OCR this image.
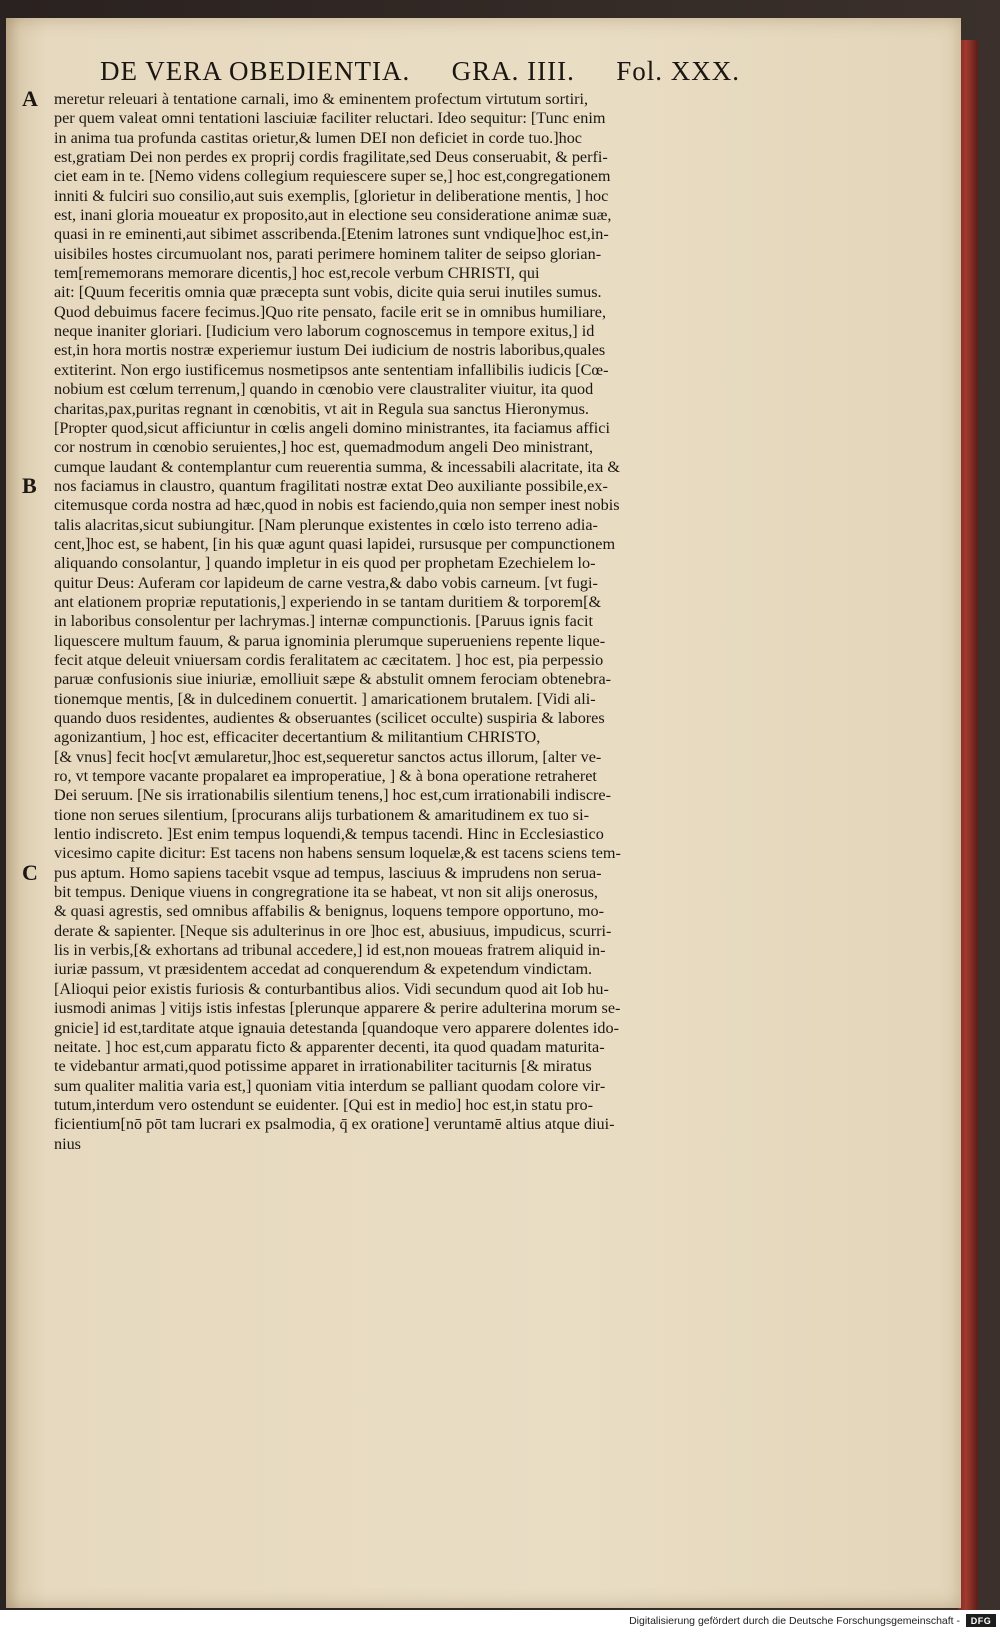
DE VERA OBEDIENTIA. GRA. IIII. Fol. XXX.
A
B
C
meretur releuari à tentatione carnali, imo & eminentem profectum virtutum sortiri,
per quem valeat omni tentationi lasciuiæ faciliter reluctari. Ideo sequitur: [Tunc enim
in anima tua profunda castitas orietur,& lumen DEI non deficiet in corde tuo.]hoc
est,gratiam Dei non perdes ex proprij cordis fragilitate,sed Deus conseruabit, & perfi-
ciet eam in te. [Nemo videns collegium requiescere super se,] hoc est,congregationem
inniti & fulciri suo consilio,aut suis exemplis, [glorietur in deliberatione mentis, ] hoc
est, inani gloria moueatur ex proposito,aut in electione seu consideratione animæ suæ,
quasi in re eminenti,aut sibimet asscribenda.[Etenim latrones sunt vndique]hoc est,in-
uisibiles hostes circumuolant nos, parati perimere hominem taliter de seipso glorian-
tem[rememorans memorare dicentis,] hoc est,recole verbum CHRISTI, qui
ait: [Quum feceritis omnia quæ præcepta sunt vobis, dicite quia serui inutiles sumus.
Quod debuimus facere fecimus.]Quo rite pensato, facile erit se in omnibus humiliare,
neque inaniter gloriari. [Iudicium vero laborum cognoscemus in tempore exitus,] id
est,in hora mortis nostræ experiemur iustum Dei iudicium de nostris laboribus,quales
extiterint. Non ergo iustificemus nosmetipsos ante sententiam infallibilis iudicis [Cœ-
nobium est cœlum terrenum,] quando in cœnobio vere claustraliter viuitur, ita quod
charitas,pax,puritas regnant in cœnobitis, vt ait in Regula sua sanctus Hieronymus.
[Propter quod,sicut afficiuntur in cœlis angeli domino ministrantes, ita faciamus affici
cor nostrum in cœnobio seruientes,] hoc est, quemadmodum angeli Deo ministrant,
cumque laudant & contemplantur cum reuerentia summa, & incessabili alacritate, ita &
nos faciamus in claustro, quantum fragilitati nostræ extat Deo auxiliante possibile,ex-
citemusque corda nostra ad hæc,quod in nobis est faciendo,quia non semper inest nobis
talis alacritas,sicut subiungitur. [Nam plerunque existentes in cœlo isto terreno adia-
cent,]hoc est, se habent, [in his quæ agunt quasi lapidei, rursusque per compunctionem
aliquando consolantur, ] quando impletur in eis quod per prophetam Ezechielem lo-
quitur Deus: Auferam cor lapideum de carne vestra,& dabo vobis carneum. [vt fugi-
ant elationem propriæ reputationis,] experiendo in se tantam duritiem & torporem[&
in laboribus consolentur per lachrymas.] internæ compunctionis. [Paruus ignis facit
liquescere multum fauum, & parua ignominia plerumque superueniens repente lique-
fecit atque deleuit vniuersam cordis feralitatem ac cæcitatem. ] hoc est, pia perpessio
paruæ confusionis siue iniuriæ, emolliuit sæpe & abstulit omnem ferociam obtenebra-
tionemque mentis, [& in dulcedinem conuertit. ] amaricationem brutalem. [Vidi ali-
quando duos residentes, audientes & obseruantes (scilicet occulte) suspiria & labores
agonizantium, ] hoc est, efficaciter decertantium & militantium CHRISTO,
[& vnus] fecit hoc[vt æmularetur,]hoc est,sequeretur sanctos actus illorum, [alter ve-
ro, vt tempore vacante propalaret ea improperatiue, ] & à bona operatione retraheret
Dei seruum. [Ne sis irrationabilis silentium tenens,] hoc est,cum irrationabili indiscre-
tione non serues silentium, [procurans alijs turbationem & amaritudinem ex tuo si-
lentio indiscreto. ]Est enim tempus loquendi,& tempus tacendi. Hinc in Ecclesiastico
vicesimo capite dicitur: Est tacens non habens sensum loquelæ,& est tacens sciens tem-
pus aptum. Homo sapiens tacebit vsque ad tempus, lasciuus & imprudens non serua-
bit tempus. Denique viuens in congregratione ita se habeat, vt non sit alijs onerosus,
& quasi agrestis, sed omnibus affabilis & benignus, loquens tempore opportuno, mo-
derate & sapienter. [Neque sis adulterinus in ore ]hoc est, abusiuus, impudicus, scurri-
lis in verbis,[& exhortans ad tribunal accedere,] id est,non moueas fratrem aliquid in-
iuriæ passum, vt præsidentem accedat ad conquerendum & expetendum vindictam.
[Alioqui peior existis furiosis & conturbantibus alios. Vidi secundum quod ait Iob hu-
iusmodi animas ] vitijs istis infestas [plerunque apparere & perire adulterina morum se-
gnicie] id est,tarditate atque ignauia detestanda [quandoque vero apparere dolentes ido-
neitate. ] hoc est,cum apparatu ficto & apparenter decenti, ita quod quadam maturita-
te videbantur armati,quod potissime apparet in irrationabiliter taciturnis [& miratus
sum qualiter malitia varia est,] quoniam vitia interdum se palliant quodam colore vir-
tutum,interdum vero ostendunt se euidenter. [Qui est in medio] hoc est,in statu pro-
ficientium[nō pōt tam lucrari ex psalmodia, q̄ ex oratione] veruntamē altius atque diui-
nius
Digitalisierung gefördert durch die Deutsche Forschungsgemeinschaft -	DFG
